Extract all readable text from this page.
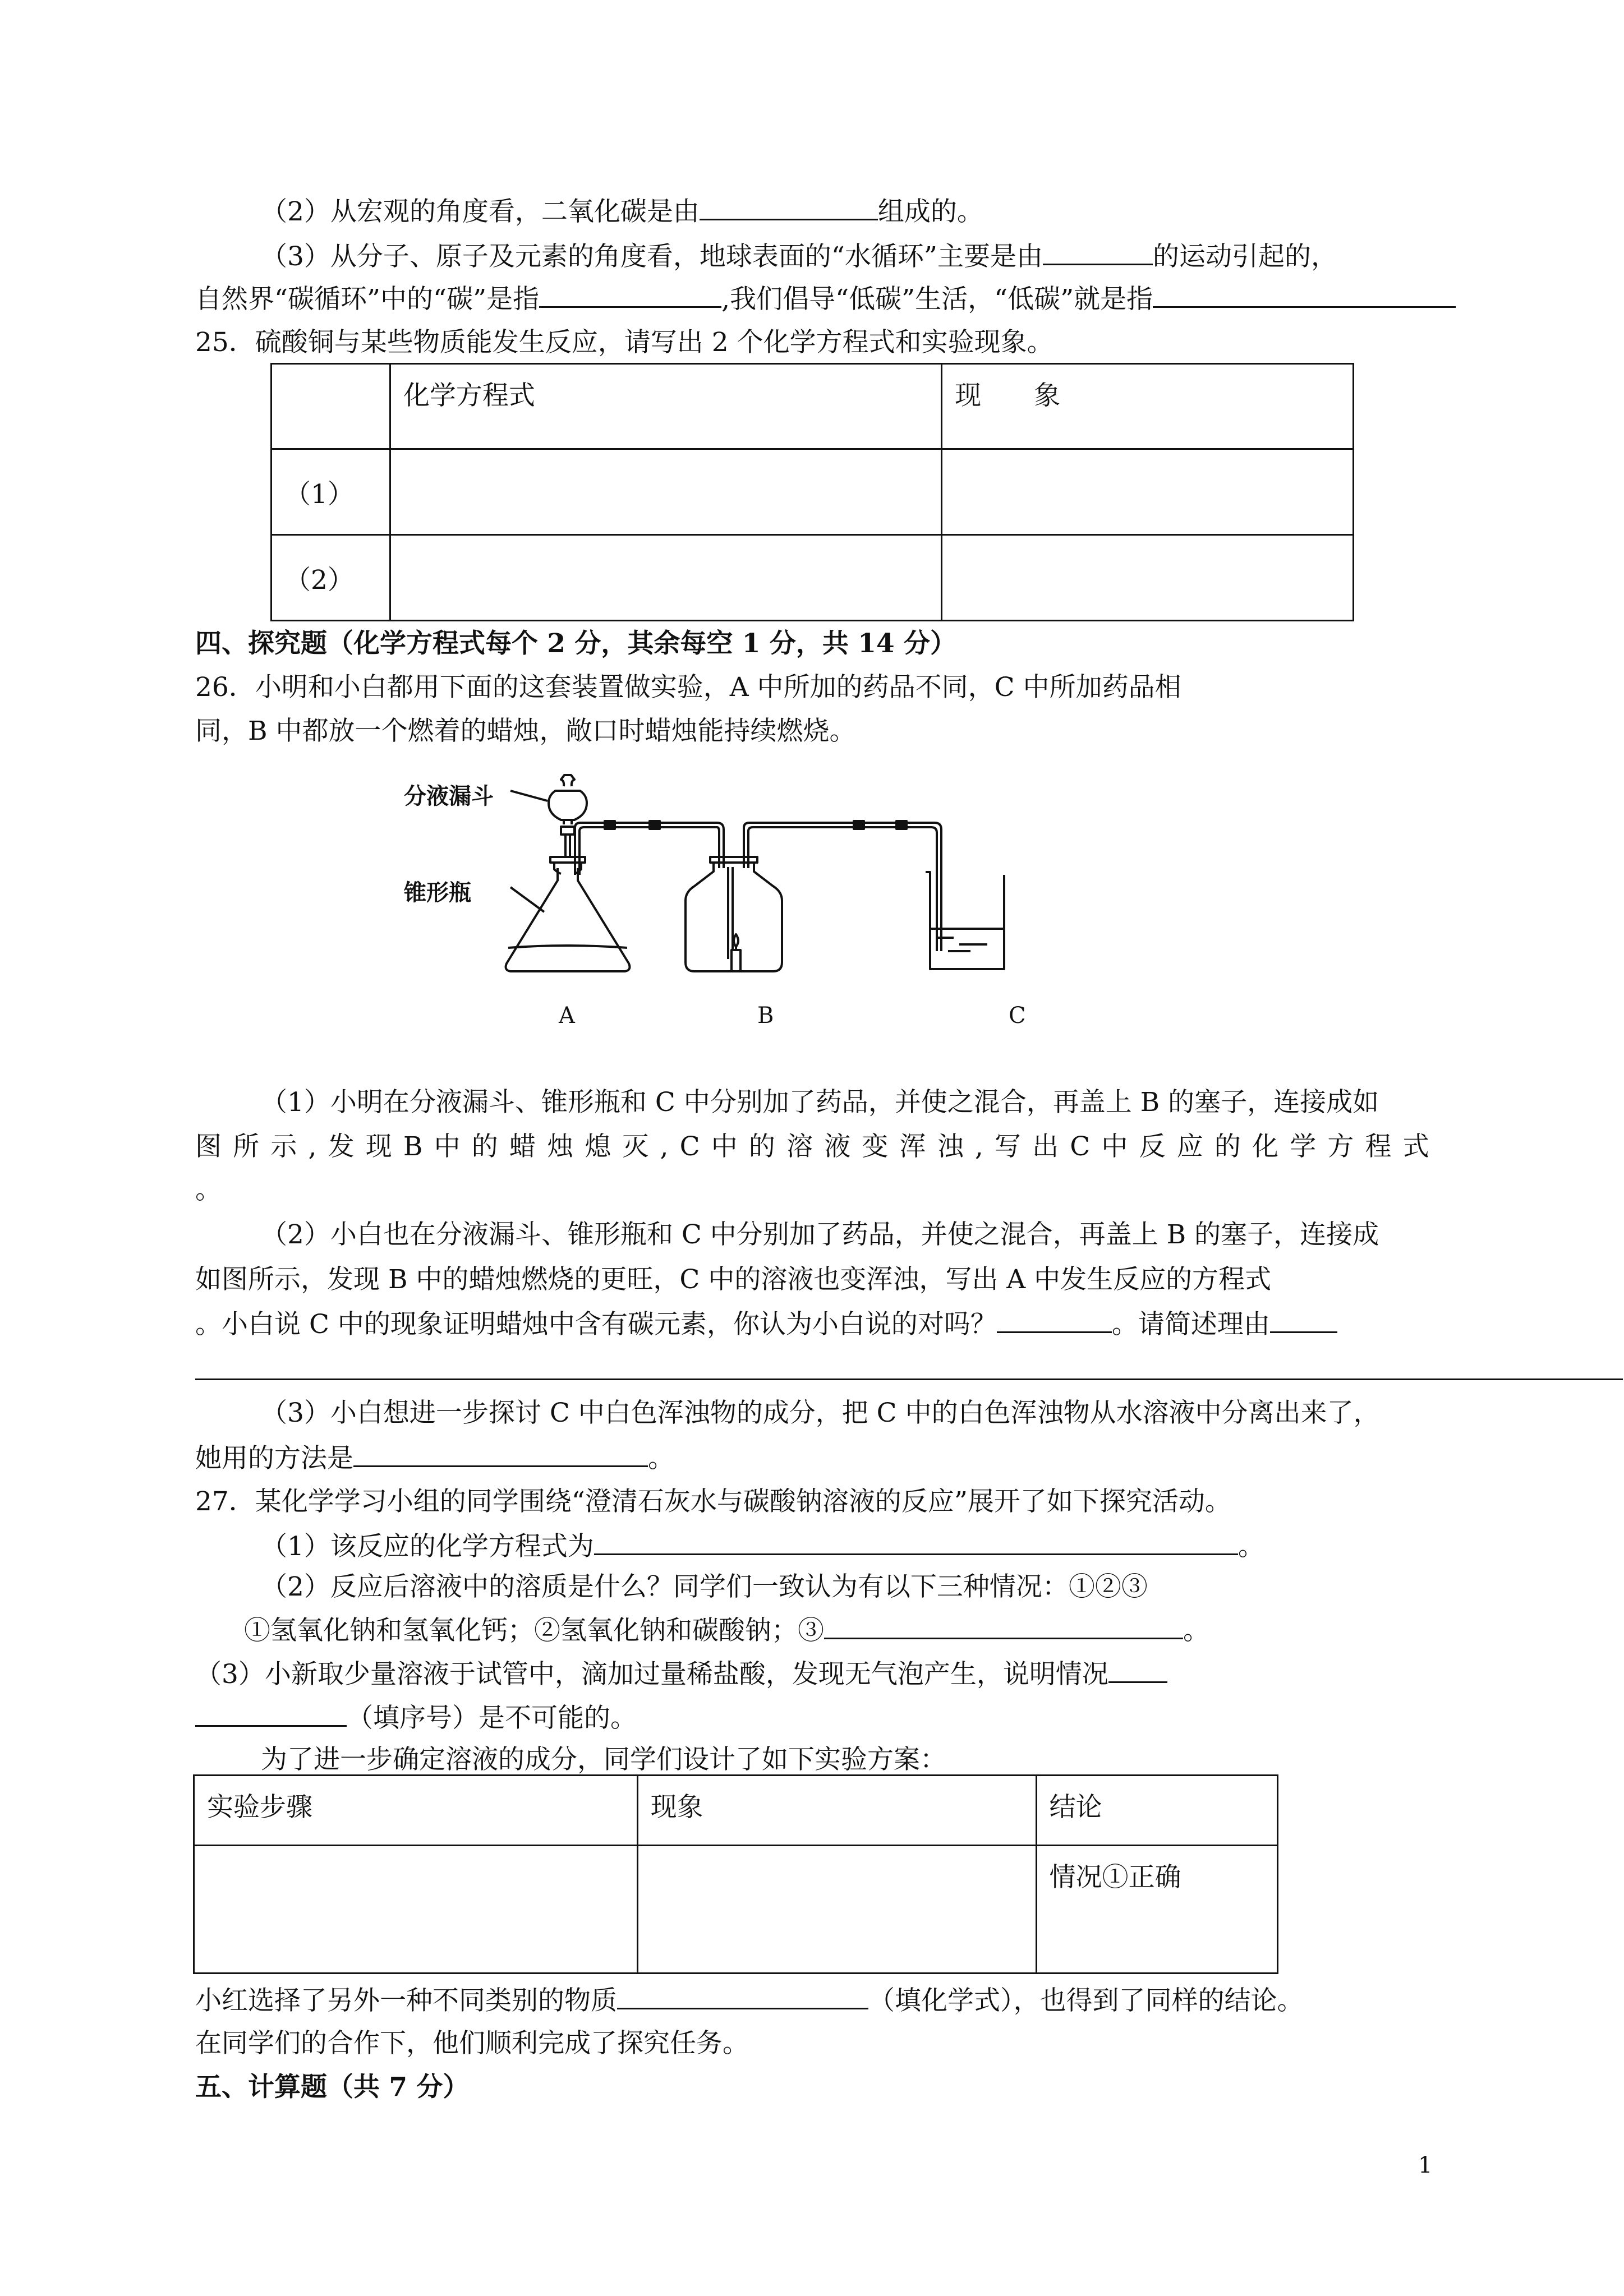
（2）从宏观的角度看，二氧化碳是由	组成的。
（3）从分子、原子及元素的角度看，地球表面的“水循环”主要是由	的运动引起的，
自然界“碳循环”中的“碳”是指	,我们倡导“低碳”生活，“低碳”就是指
25．硫酸铜与某些物质能发生反应，请写出 2 个化学方程式和实验现象。
	化学方程式	现　　象
（1）		
（2）		
四、探究题（化学方程式每个 2 分，其余每空 1 分，共 14 分）
26．小明和小白都用下面的这套装置做实验，A 中所加的药品不同，C 中所加药品相
同，B 中都放一个燃着的蜡烛，敞口时蜡烛能持续燃烧。
分液漏斗
锥形瓶
A	B	C
（1）小明在分液漏斗、锥形瓶和 C 中分别加了药品，并使之混合，再盖上 B 的塞子，连接成如
图 所 示 , 发 现 B 中 的 蜡 烛 熄 灭 , C 中 的 溶 液 变 浑 浊 , 写 出 C 中 反 应 的 化 学 方 程 式
。
（2）小白也在分液漏斗、锥形瓶和 C 中分别加了药品，并使之混合，再盖上 B 的塞子，连接成
如图所示，发现 B 中的蜡烛燃烧的更旺，C 中的溶液也变浑浊，写出 A 中发生反应的方程式
。小白说 C 中的现象证明蜡烛中含有碳元素，你认为小白说的对吗？	。请简述理由
（3）小白想进一步探讨 C 中白色浑浊物的成分，把 C 中的白色浑浊物从水溶液中分离出来了，
她用的方法是	。
27．某化学学习小组的同学围绕“澄清石灰水与碳酸钠溶液的反应”展开了如下探究活动。
（1）该反应的化学方程式为	。
（2）反应后溶液中的溶质是什么？同学们一致认为有以下三种情况：①②③
①氢氧化钠和氢氧化钙；②氢氧化钠和碳酸钠；③	。
（3）小新取少量溶液于试管中，滴加过量稀盐酸，发现无气泡产生，说明情况
（填序号）是不可能的。
为了进一步确定溶液的成分，同学们设计了如下实验方案：
实验步骤	现象	结论
		情况①正确
小红选择了另外一种不同类别的物质	（填化学式），也得到了同样的结论。
在同学们的合作下，他们顺利完成了探究任务。
五、计算题（共 7 分）
1
